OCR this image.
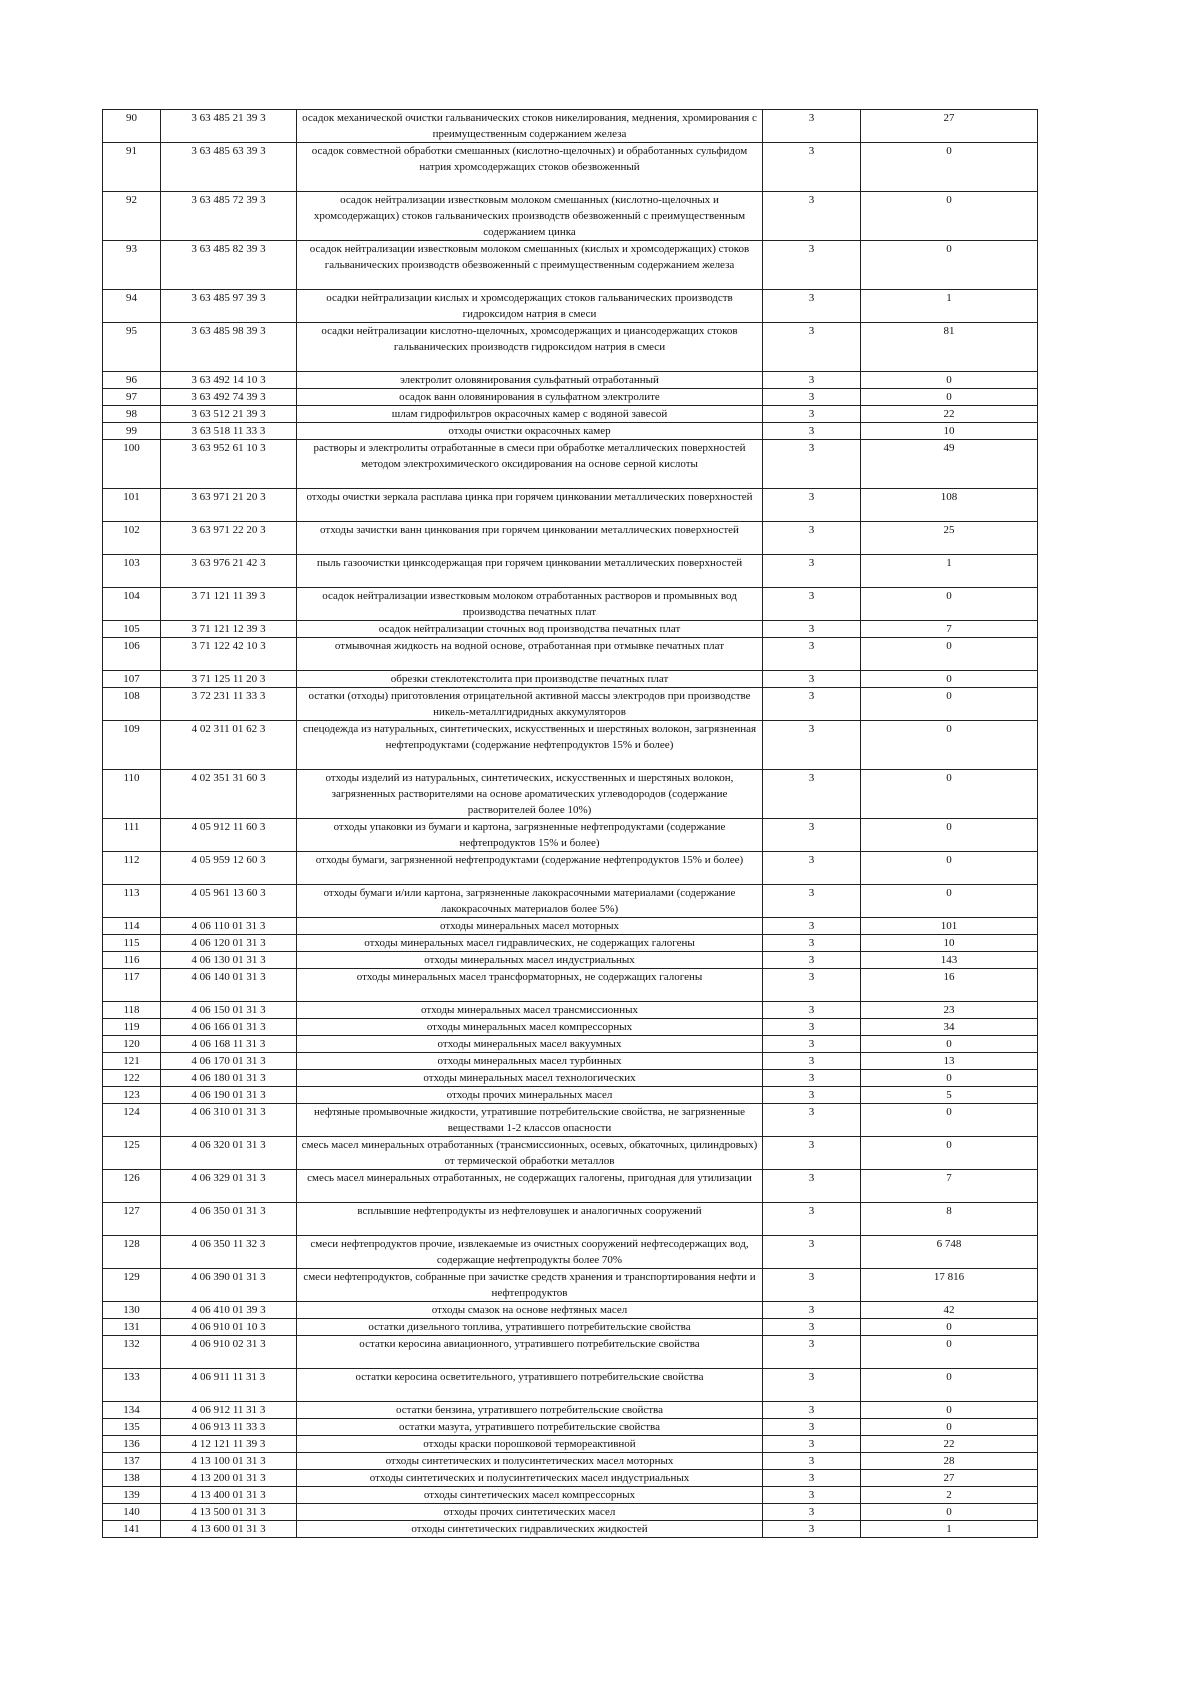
90	3 63 485 21 39 3	осадок механической очистки гальванических стоков никелирования, меднения, хромирования с преимущественным содержанием железа	3	27
91	3 63 485 63 39 3	осадок совместной обработки смешанных (кислотно-щелочных) и обработанных сульфидом натрия хромсодержащих стоков обезвоженный	3	0
92	3 63 485 72 39 3	осадок нейтрализации известковым молоком смешанных (кислотно-щелочных и хромсодержащих) стоков гальванических производств обезвоженный с преимущественным содержанием цинка	3	0
93	3 63 485 82 39 3	осадок нейтрализации известковым молоком смешанных (кислых и хромсодержащих) стоков гальванических производств обезвоженный с преимущественным содержанием железа	3	0
94	3 63 485 97 39 3	осадки нейтрализации кислых и хромсодержащих стоков гальванических производств гидроксидом натрия в смеси	3	1
95	3 63 485 98 39 3	осадки нейтрализации кислотно-щелочных, хромсодержащих и циансодержащих стоков гальванических производств гидроксидом натрия в смеси	3	81
96	3 63 492 14 10 3	электролит оловянирования сульфатный отработанный	3	0
97	3 63 492 74 39 3	осадок ванн оловянирования в сульфатном электролите	3	0
98	3 63 512 21 39 3	шлам гидрофильтров окрасочных камер с водяной завесой	3	22
99	3 63 518 11 33 3	отходы очистки окрасочных камер	3	10
100	3 63 952 61 10 3	растворы и электролиты отработанные в смеси при обработке металлических поверхностей методом электрохимического оксидирования на основе серной кислоты	3	49
101	3 63 971 21 20 3	отходы очистки зеркала расплава цинка при горячем цинковании металлических поверхностей	3	108
102	3 63 971 22 20 3	отходы зачистки ванн цинкования при горячем цинковании металлических поверхностей	3	25
103	3 63 976 21 42 3	пыль газоочистки цинксодержащая при горячем цинковании металлических поверхностей	3	1
104	3 71 121 11 39 3	осадок нейтрализации известковым молоком отработанных растворов и промывных вод производства печатных плат	3	0
105	3 71 121 12 39 3	осадок нейтрализации сточных вод производства печатных плат	3	7
106	3 71 122 42 10 3	отмывочная жидкость на водной основе, отработанная при отмывке печатных плат	3	0
107	3 71 125 11 20 3	обрезки стеклотекстолита при производстве печатных плат	3	0
108	3 72 231 11 33 3	остатки (отходы) приготовления отрицательной активной массы электродов при производстве никель-металлгидридных аккумуляторов	3	0
109	4 02 311 01 62 3	спецодежда из натуральных, синтетических, искусственных и шерстяных волокон, загрязненная нефтепродуктами (содержание нефтепродуктов 15% и более)	3	0
110	4 02 351 31 60 3	отходы изделий из натуральных, синтетических, искусственных и шерстяных волокон, загрязненных растворителями на основе ароматических углеводородов (содержание растворителей более 10%)	3	0
111	4 05 912 11 60 3	отходы упаковки из бумаги и картона, загрязненные нефтепродуктами (содержание нефтепродуктов 15% и более)	3	0
112	4 05 959 12 60 3	отходы бумаги, загрязненной нефтепродуктами (содержание нефтепродуктов 15% и более)	3	0
113	4 05 961 13 60 3	отходы бумаги и/или картона, загрязненные лакокрасочными материалами (содержание лакокрасочных материалов более 5%)	3	0
114	4 06 110 01 31 3	отходы минеральных масел моторных	3	101
115	4 06 120 01 31 3	отходы минеральных масел гидравлических, не содержащих галогены	3	10
116	4 06 130 01 31 3	отходы минеральных масел индустриальных	3	143
117	4 06 140 01 31 3	отходы минеральных масел трансформаторных, не содержащих галогены	3	16
118	4 06 150 01 31 3	отходы минеральных масел трансмиссионных	3	23
119	4 06 166 01 31 3	отходы минеральных масел компрессорных	3	34
120	4 06 168 11 31 3	отходы минеральных масел вакуумных	3	0
121	4 06 170 01 31 3	отходы минеральных масел турбинных	3	13
122	4 06 180 01 31 3	отходы минеральных масел технологических	3	0
123	4 06 190 01 31 3	отходы прочих минеральных масел	3	5
124	4 06 310 01 31 3	нефтяные промывочные жидкости, утратившие потребительские свойства, не загрязненные веществами 1-2 классов опасности	3	0
125	4 06 320 01 31 3	смесь масел минеральных отработанных (трансмиссионных, осевых, обкаточных, цилиндровых) от термической обработки металлов	3	0
126	4 06 329 01 31 3	смесь масел минеральных отработанных, не содержащих галогены, пригодная для утилизации	3	7
127	4 06 350 01 31 3	всплывшие нефтепродукты из нефтеловушек и аналогичных сооружений	3	8
128	4 06 350 11 32 3	смеси нефтепродуктов прочие, извлекаемые из очистных сооружений нефтесодержащих вод, содержащие нефтепродукты более 70%	3	6 748
129	4 06 390 01 31 3	смеси нефтепродуктов, собранные при зачистке средств хранения и транспортирования нефти и нефтепродуктов	3	17 816
130	4 06 410 01 39 3	отходы смазок на основе нефтяных масел	3	42
131	4 06 910 01 10 3	остатки дизельного топлива, утратившего потребительские свойства	3	0
132	4 06 910 02 31 3	остатки керосина авиационного, утратившего потребительские свойства	3	0
133	4 06 911 11 31 3	остатки керосина осветительного, утратившего потребительские свойства	3	0
134	4 06 912 11 31 3	остатки бензина, утратившего потребительские свойства	3	0
135	4 06 913 11 33 3	остатки мазута, утратившего потребительские свойства	3	0
136	4 12 121 11 39 3	отходы краски порошковой термореактивной	3	22
137	4 13 100 01 31 3	отходы синтетических и полусинтетических масел моторных	3	28
138	4 13 200 01 31 3	отходы синтетических и полусинтетических масел индустриальных	3	27
139	4 13 400 01 31 3	отходы синтетических масел компрессорных	3	2
140	4 13 500 01 31 3	отходы прочих синтетических масел	3	0
141	4 13 600 01 31 3	отходы синтетических гидравлических жидкостей	3	1
